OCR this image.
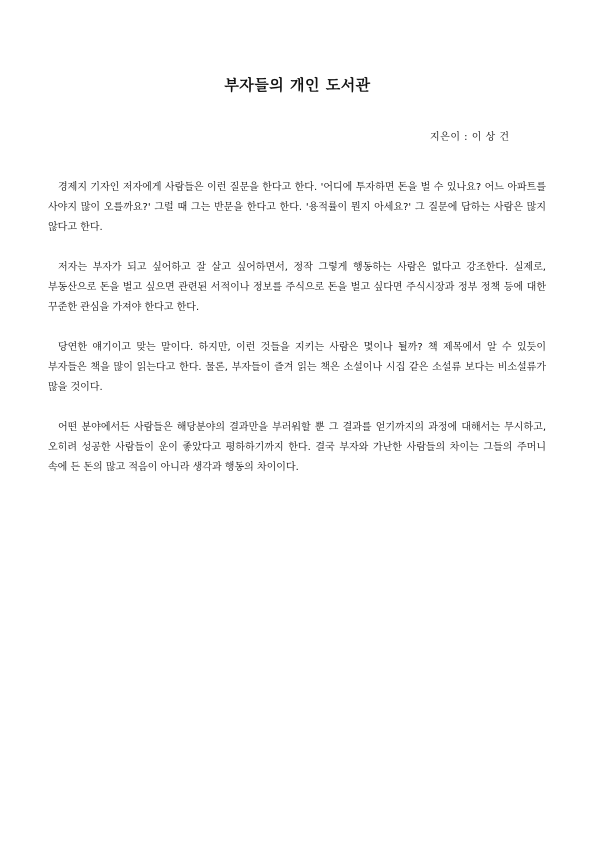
부자들의 개인 도서관
지은이 : 이 상 건

경제지 기자인 저자에게 사람들은 이런 질문을 한다고 한다. '어디에 투자하면 돈을 벌 수 있나요? 어느 아파트를 사야지 많이 오를까요?' 그럴 때 그는 반문을 한다고 한다. '용적률이 뭔지 아세요?' 그 질문에 답하는 사람은 많지 않다고 한다.

저자는 부자가 되고 싶어하고 잘 살고 싶어하면서, 정작 그렇게 행동하는 사람은 없다고 강조한다. 실제로, 부동산으로 돈을 벌고 싶으면 관련된 서적이나 정보를 주식으로 돈을 벌고 싶다면 주식시장과 정부 정책 등에 대한 꾸준한 관심을 가져야 한다고 한다.

당연한 얘기이고 맞는 말이다. 하지만, 이런 것들을 지키는 사람은 몇이나 될까? 책 제목에서 알 수 있듯이 부자들은 책을 많이 읽는다고 한다. 물론, 부자들이 즐겨 읽는 책은 소설이나 시집 같은 소설류 보다는 비소설류가 많을 것이다.

어떤 분야에서든 사람들은 해당분야의 결과만을 부러워할 뿐 그 결과를 얻기까지의 과정에 대해서는 무시하고, 오히려 성공한 사람들이 운이 좋았다고 평하하기까지 한다. 결국 부자와 가난한 사람들의 차이는 그들의 주머니 속에 든 돈의 많고 적음이 아니라 생각과 행동의 차이이다.
